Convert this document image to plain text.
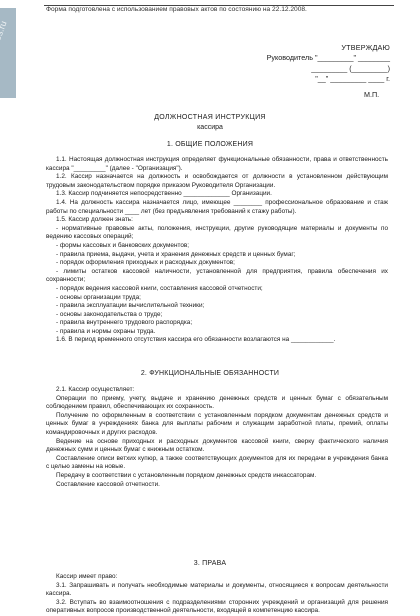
Форма подготовлена с использованием правовых актов по состоянию на 22.12.2008.
УТВЕРЖДАЮ
Руководитель "_________" ________
_________ (_________)
"__" _________ ____ г.
М.П.
ДОЛЖНОСТНАЯ ИНСТРУКЦИЯ
кассира
1. ОБЩИЕ ПОЛОЖЕНИЯ

1.1. Настоящая должностная инструкция определяет функциональные обязанности, права и ответственность кассира "_________" (далее - "Организация").

1.2. Кассир назначается на должность и освобождается от должности в установленном действующим трудовым законодательством порядке приказом Руководителя Организации.

1.3. Кассир подчиняется непосредственно _____________ Организации.

1.4. На должность кассира назначается лицо, имеющее ________ профессиональное образование и стаж работы по специальности ____ лет (без предъявления требований к стажу работы).

1.5. Кассир должен знать:

- нормативные правовые акты, положения, инструкции, другие руководящие материалы и документы по ведению кассовых операций;

- формы кассовых и банковских документов;

- правила приема, выдачи, учета и хранения денежных средств и ценных бумаг;

- порядок оформления приходных и расходных документов;

- лимиты остатков кассовой наличности, установленной для предприятия, правила обеспечения их сохранности;

- порядок ведения кассовой книги, составления кассовой отчетности;

- основы организации труда;

- правила эксплуатации вычислительной техники;

- основы законодательства о труде;

- правила внутреннего трудового распорядка;

- правила и нормы охраны труда.

1.6. В период временного отсутствия кассира его обязанности возлагаются на ____________.

2. ФУНКЦИОНАЛЬНЫЕ ОБЯЗАННОСТИ

2.1. Кассир осуществляет:

Операции по приему, учету, выдаче и хранению денежных средств и ценных бумаг с обязательным соблюдением правил, обеспечивающих их сохранность.

Получение по оформленным в соответствии с установленным порядком документам денежных средств и ценных бумаг в учреждениях банка для выплаты рабочим и служащим заработной платы, премий, оплаты командировочных и других расходов.

Ведение на основе приходных и расходных документов кассовой книги, сверку фактического наличия денежных сумм и ценных бумаг с книжным остатком.

Составление описи ветхих купюр, а также соответствующих документов для их передачи в учреждения банка с целью замены на новые.

Передачу в соответствии с установленным порядком денежных средств инкассаторам.

Составление кассовой отчетности.

3. ПРАВА

Кассир имеет право:

3.1. Запрашивать и получать необходимые материалы и документы, относящиеся к вопросам деятельности кассира.

3.2. Вступать во взаимоотношения с подразделениями сторонних учреждений и организаций для решения оперативных вопросов производственной деятельности, входящей в компетенцию кассира.
